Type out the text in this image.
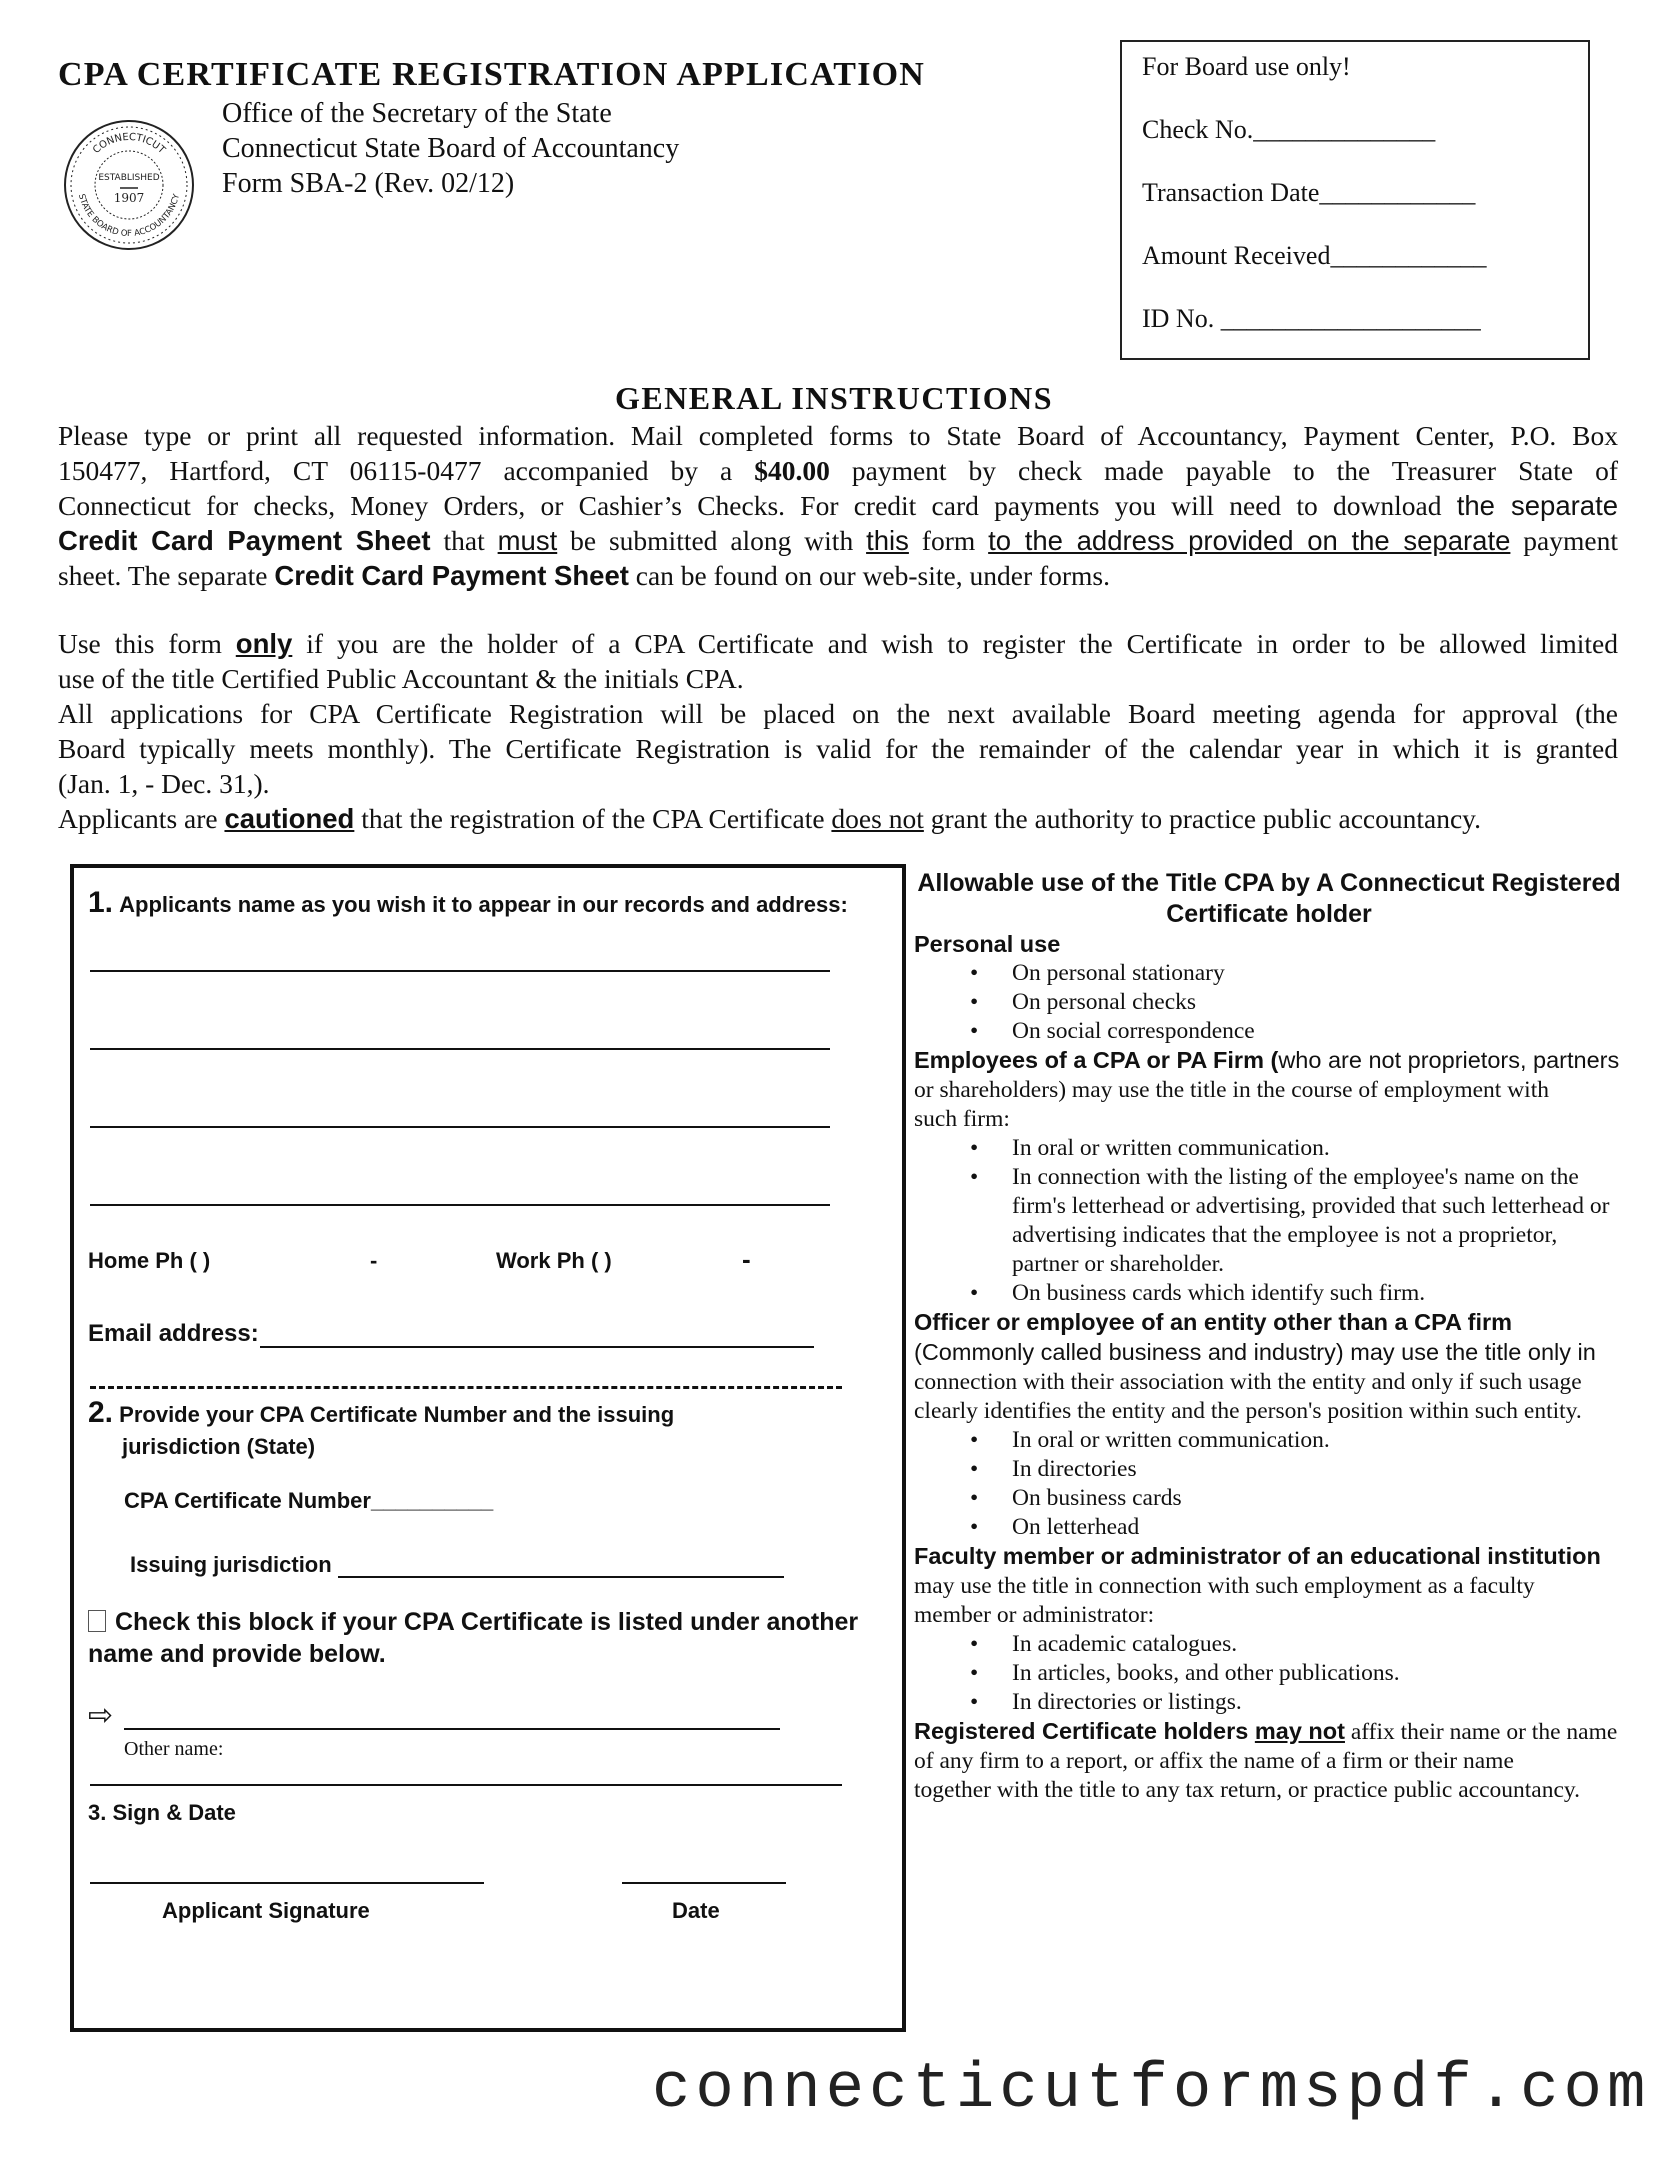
CPA CERTIFICATE REGISTRATION APPLICATION
Office of the Secretary of the State
Connecticut State Board of Accountancy
Form SBA-2 (Rev. 02/12)
CONNECTICUT
STATE BOARD OF ACCOUNTANCY
ESTABLISHED
1907
For Board use only!
Check No.______________
Transaction Date____________
Amount Received____________
ID No. ____________________
GENERAL INSTRUCTIONS
Please type or print all requested information. Mail completed forms to State Board of Accountancy, Payment Center, P.O. Box
150477, Hartford, CT 06115-0477 accompanied by a $40.00 payment by check made payable to the Treasurer State of
Connecticut for checks, Money Orders, or Cashier’s Checks. For credit card payments you will need to download the separate
Credit Card Payment Sheet that must be submitted along with this form to the address provided on the separate payment
sheet. The separate Credit Card Payment Sheet can be found on our web-site, under forms.
Use this form only if you are the holder of a CPA Certificate and wish to register the Certificate in order to be allowed limited
use of the title Certified Public Accountant & the initials CPA.
All applications for CPA Certificate Registration will be placed on the next available Board meeting agenda for approval (the
Board typically meets monthly). The Certificate Registration is valid for the remainder of the calendar year in which it is granted
(Jan. 1, - Dec. 31,).
Applicants are cautioned that the registration of the CPA Certificate does not grant the authority to practice public accountancy.
1. Applicants name as you wish it to appear in our records and address:
Home Ph ( )	-	Work Ph ( )	-
Email address:
2. Provide your CPA Certificate Number and the issuing
jurisdiction (State)
CPA Certificate Number__________
Issuing jurisdiction
Check this block if your CPA Certificate is listed under another
name and provide below.
⇨
Other name:
3. Sign & Date
Applicant Signature	Date
Allowable use of the Title CPA by A Connecticut Registered
Certificate holder
Personal use
• On personal stationary
• On personal checks
• On social correspondence
Employees of a CPA or PA Firm (who are not proprietors, partners
or shareholders) may use the title in the course of employment with
such firm:
• In oral or written communication.
• In connection with the listing of the employee's name on the firm's letterhead or advertising, provided that such letterhead or advertising indicates that the employee is not a proprietor, partner or shareholder.
• On business cards which identify such firm.
Officer or employee of an entity other than a CPA firm
(Commonly called business and industry) may use the title only in
connection with their association with the entity and only if such usage
clearly identifies the entity and the person's position within such entity.
• In oral or written communication.
• In directories
• On business cards
• On letterhead
Faculty member or administrator of an educational institution
may use the title in connection with such employment as a faculty
member or administrator:
• In academic catalogues.
• In articles, books, and other publications.
• In directories or listings.
Registered Certificate holders may not affix their name or the name
of any firm to a report, or affix the name of a firm or their name
together with the title to any tax return, or practice public accountancy.
connecticutformspdf.com
